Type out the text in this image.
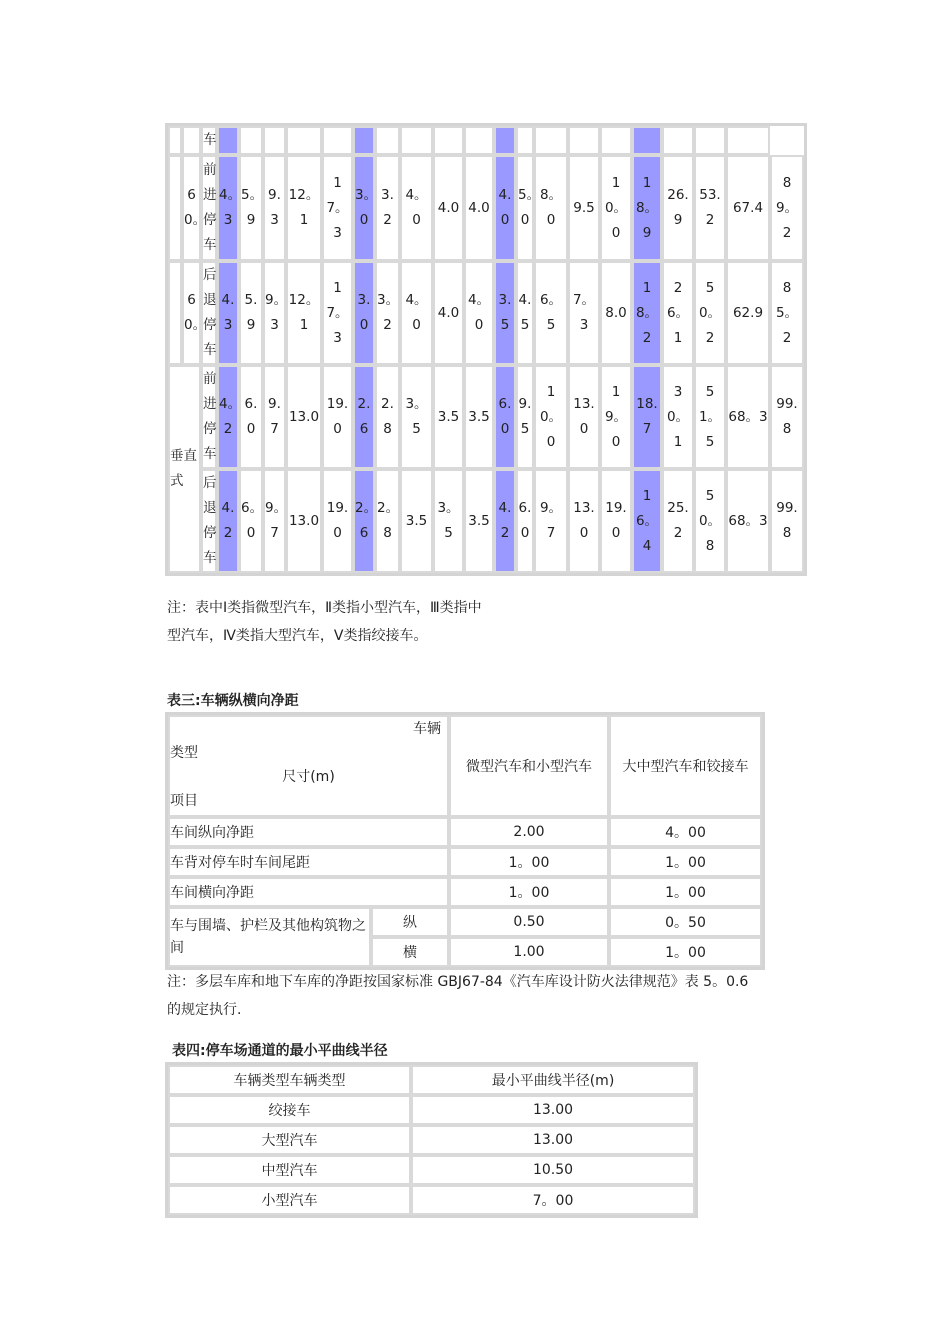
		车																				
	60。	前进停车	4。3	5。9	9.3	12。1	17。3	3。0	3.2	4。0	4.0	4.0	4.0	5。0	8。0	9.5	10。0	18。9	26.9	53.2	67.4	89。2
	60。	后退停车	4.3	5.9	9。3	12。1	17。3	3.0	3。2	4。0	4.0	4。0	3.5	4.5	6。5	7。3	8.0	18。2	26。1	50。2	62.9	85。2
垂直式		前进停车	4。2	6.0	9.7	13.0	19.0	2.6	2.8	3。5	3.5	3.5	6.0	9.5	10。0	13.0	19。0	18.7	30。1	51。5	68。3	99.8
		后退停车	4.2	6。0	9。7	13.0	19.0	2。6	2。8	3.5	3。5	3.5	4.2	6.0	9。7	13.0	19.0	16。4	25.2	50。8	68。3	99.8
注：表中Ⅰ类指微型汽车，Ⅱ类指小型汽车，Ⅲ类指中
型汽车，Ⅳ类指大型汽车，Ⅴ类指绞接车。
表三:车辆纵横向净距
车辆
类型
尺寸(m)
项目		微型汽车和小型汽车	大中型汽车和铰接车
车间纵向净距		2.00	4。00
车背对停车时车间尾距		1。00	1。00
车间横向净距		1。00	1。00
车与围墙、护栏及其他构筑物之间	纵	0.50	0。50
	横	1.00	1。00
注：多层车库和地下车库的净距按国家标准 GBJ67-84《汽车库设计防火法律规范》表 5。0.6
的规定执行.
表四:停车场通道的最小平曲线半径
车辆类型车辆类型	最小平曲线半径(m)
绞接车	13.00
大型汽车	13.00
中型汽车	10.50
小型汽车	7。00
